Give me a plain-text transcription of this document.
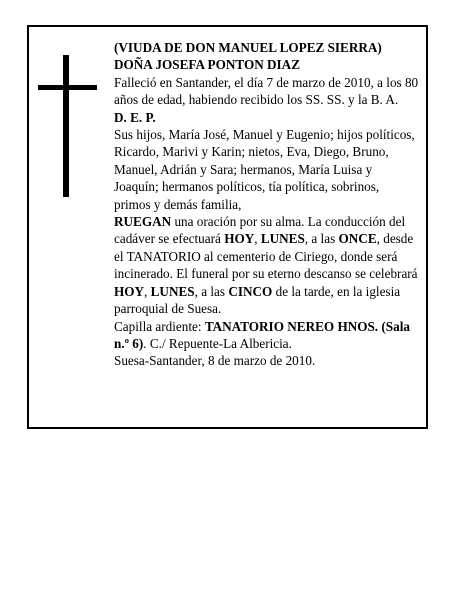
(VIUDA DE DON MANUEL LOPEZ SIERRA)

DOÑA JOSEFA PONTON DIAZ

Falleció en Santander, el día 7 de marzo de 2010, a los 80 años de edad, habiendo recibido los SS. SS. y la B. A.

D. E. P.

Sus hijos, María José, Manuel y Eugenio; hijos políticos, Ricardo, Marivi y Karin; nietos, Eva, Diego, Bruno, Manuel, Adrián y Sara; hermanos, María Luisa y Joaquín; hermanos políticos, tía política, sobrinos, primos y demás familia,

RUEGAN una oración por su alma. La conducción del cadáver se efectuará HOY, LUNES, a las ONCE, desde el TANATORIO al cementerio de Ciriego, donde será incinerado. El funeral por su eterno descanso se celebrará HOY, LUNES, a las CINCO de la tarde, en la iglesia parroquial de Suesa.

Capilla ardiente: TANATORIO NEREO HNOS. (Sala n.º 6). C./ Repuente-La Albericia.

Suesa-Santander, 8 de marzo de 2010.
